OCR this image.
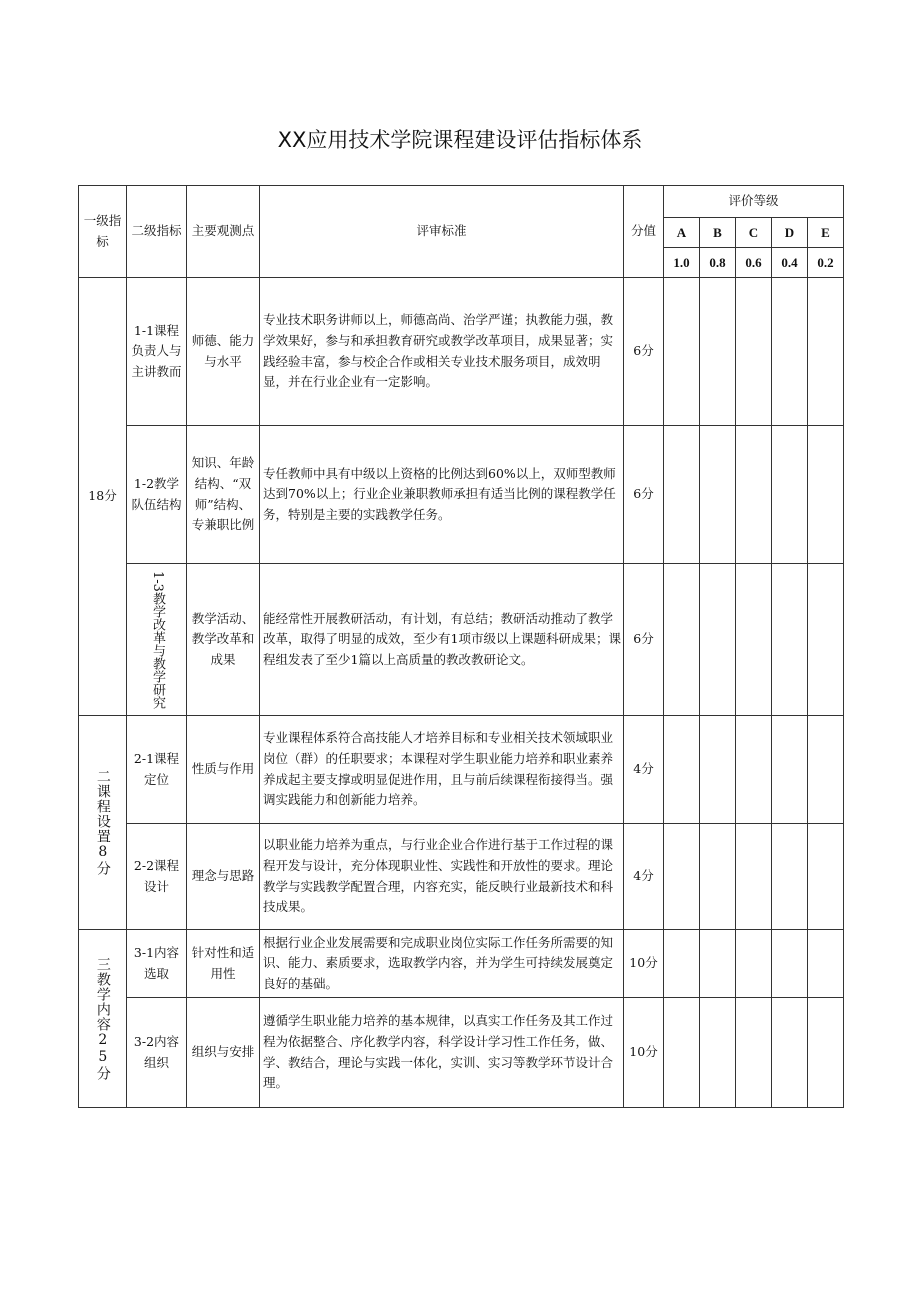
XX应用技术学院课程建设评估指标体系
一级指标	二级指标	主要观测点	评审标准	分值	评价等级				
					A	B	C	D	E
					1.0	0.8	0.6	0.4	0.2
18分	1-1课程负责人与主讲教而	师德、能力与水平	专业技术职务讲师以上，师德高尚、治学严谨；执教能力强，教学效果好，参与和承担教育研究或教学改革项目，成果显著；实践经验丰富，参与校企合作或相关专业技术服务项目，成效明显，并在行业企业有一定影响。	6分					
	1-2教学队伍结构	知识、年龄结构、“双师”结构、专兼职比例	专任教师中具有中级以上资格的比例达到60%以上，双师型教师达到70%以上；行业企业兼职教师承担有适当比例的课程教学任务，特别是主要的实践教学任务。	6分					

	1-3教学改革与教学研究	教学活动、教学改革和成果	能经常性开展教研活动，有计划，有总结；教研活动推动了教学改革，取得了明显的成效，至少有1项市级以上课题科研成果；课程组发表了至少1篇以上高质量的教改教研论文。	6分					

二课程设置8分	2-1课程定位	性质与作用	专业课程体系符合高技能人才培养目标和专业相关技术领域职业岗位（群）的任职要求；本课程对学生职业能力培养和职业素养养成起主要支撑或明显促进作用，且与前后续课程衔接得当。强调实践能力和创新能力培养。	4分					
	2-2课程设计	理念与思路	以职业能力培养为重点，与行业企业合作进行基于工作过程的课程开发与设计，充分体现职业性、实践性和开放性的要求。理论教学与实践教学配置合理，内容充实，能反映行业最新技术和科技成果。	4分					

三教学内容25分	3-1内容选取	针对性和适用性	根据行业企业发展需要和完成职业岗位实际工作任务所需要的知识、能力、素质要求，选取教学内容，并为学生可持续发展奠定良好的基础。	10分					
	3-2内容组织	组织与安排	遵循学生职业能力培养的基本规律，以真实工作任务及其工作过程为依据整合、序化教学内容，科学设计学习性工作任务，做、学、教结合，理论与实践一体化，实训、实习等教学环节设计合理。	10分					
